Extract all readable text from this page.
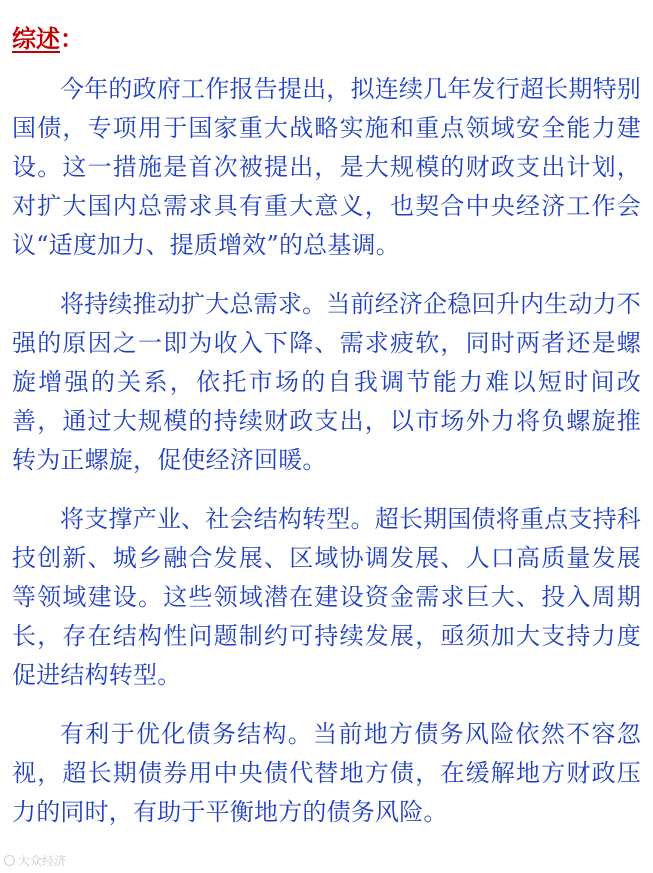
综述：

今年的政府工作报告提出，拟连续几年发行超长期特别国债，专项用于国家重大战略实施和重点领域安全能力建设。这一措施是首次被提出，是大规模的财政支出计划，对扩大国内总需求具有重大意义，也契合中央经济工作会议“适度加力、提质增效”的总基调。

将持续推动扩大总需求。当前经济企稳回升内生动力不强的原因之一即为收入下降、需求疲软，同时两者还是螺旋增强的关系，依托市场的自我调节能力难以短时间改善，通过大规模的持续财政支出，以市场外力将负螺旋推转为正螺旋，促使经济回暖。

将支撑产业、社会结构转型。超长期国债将重点支持科技创新、城乡融合发展、区域协调发展、人口高质量发展等领域建设。这些领域潜在建设资金需求巨大、投入周期长，存在结构性问题制约可持续发展，亟须加大支持力度促进结构转型。

有利于优化债务结构。当前地方债务风险依然不容忽视，超长期债券用中央债代替地方债，在缓解地方财政压力的同时，有助于平衡地方的债务风险。

大众经济
